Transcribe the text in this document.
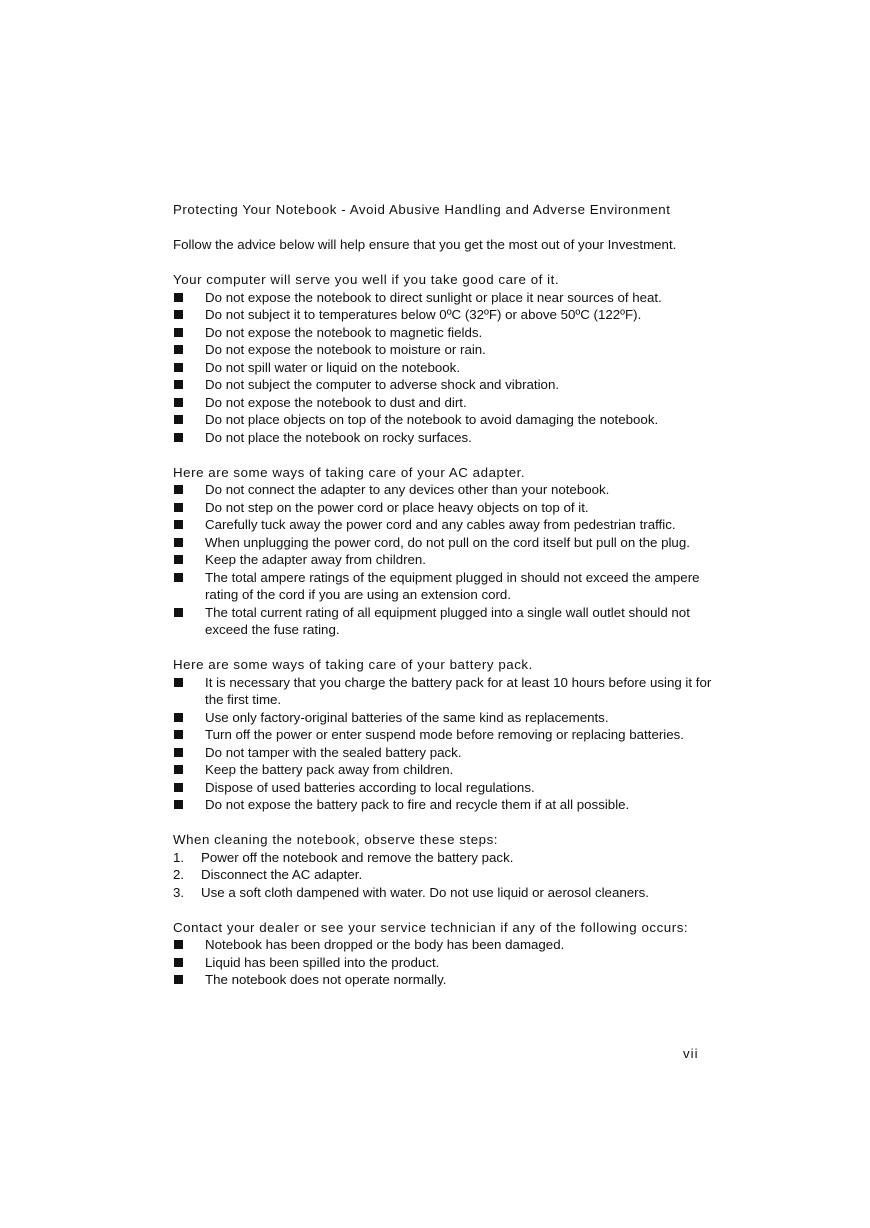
Protecting Your Notebook - Avoid Abusive Handling and Adverse Environment

Follow the advice below will help ensure that you get the most out of your Investment.

Your computer will serve you well if you take good care of it.

Do not expose the notebook to direct sunlight or place it near sources of heat.
Do not subject it to temperatures below 0ºC (32ºF) or above 50ºC (122ºF).
Do not expose the notebook to magnetic fields.
Do not expose the notebook to moisture or rain.
Do not spill water or liquid on the notebook.
Do not subject the computer to adverse shock and vibration.
Do not expose the notebook to dust and dirt.
Do not place objects on top of the notebook to avoid damaging the notebook.
Do not place the notebook on rocky surfaces.

Here are some ways of taking care of your AC adapter.

Do not connect the adapter to any devices other than your notebook.
Do not step on the power cord or place heavy objects on top of it.
Carefully tuck away the power cord and any cables away from pedestrian traffic.
When unplugging the power cord, do not pull on the cord itself but pull on the plug.
Keep the adapter away from children.
The total ampere ratings of the equipment plugged in should not exceed the ampere rating of the cord if you are using an extension cord.
The total current rating of all equipment plugged into a single wall outlet should not exceed the fuse rating.

Here are some ways of taking care of your battery pack.

It is necessary that you charge the battery pack for at least 10 hours before using it for the first time.
Use only factory-original batteries of the same kind as replacements.
Turn off the power or enter suspend mode before removing or replacing batteries.
Do not tamper with the sealed battery pack.
Keep the battery pack away from children.
Dispose of used batteries according to local regulations.
Do not expose the battery pack to fire and recycle them if at all possible.

When cleaning the notebook, observe these steps:

1. Power off the notebook and remove the battery pack.
2. Disconnect the AC adapter.
3. Use a soft cloth dampened with water. Do not use liquid or aerosol cleaners.

Contact your dealer or see your service technician if any of the following occurs:

Notebook has been dropped or the body has been damaged.
Liquid has been spilled into the product.
The notebook does not operate normally.
vii
